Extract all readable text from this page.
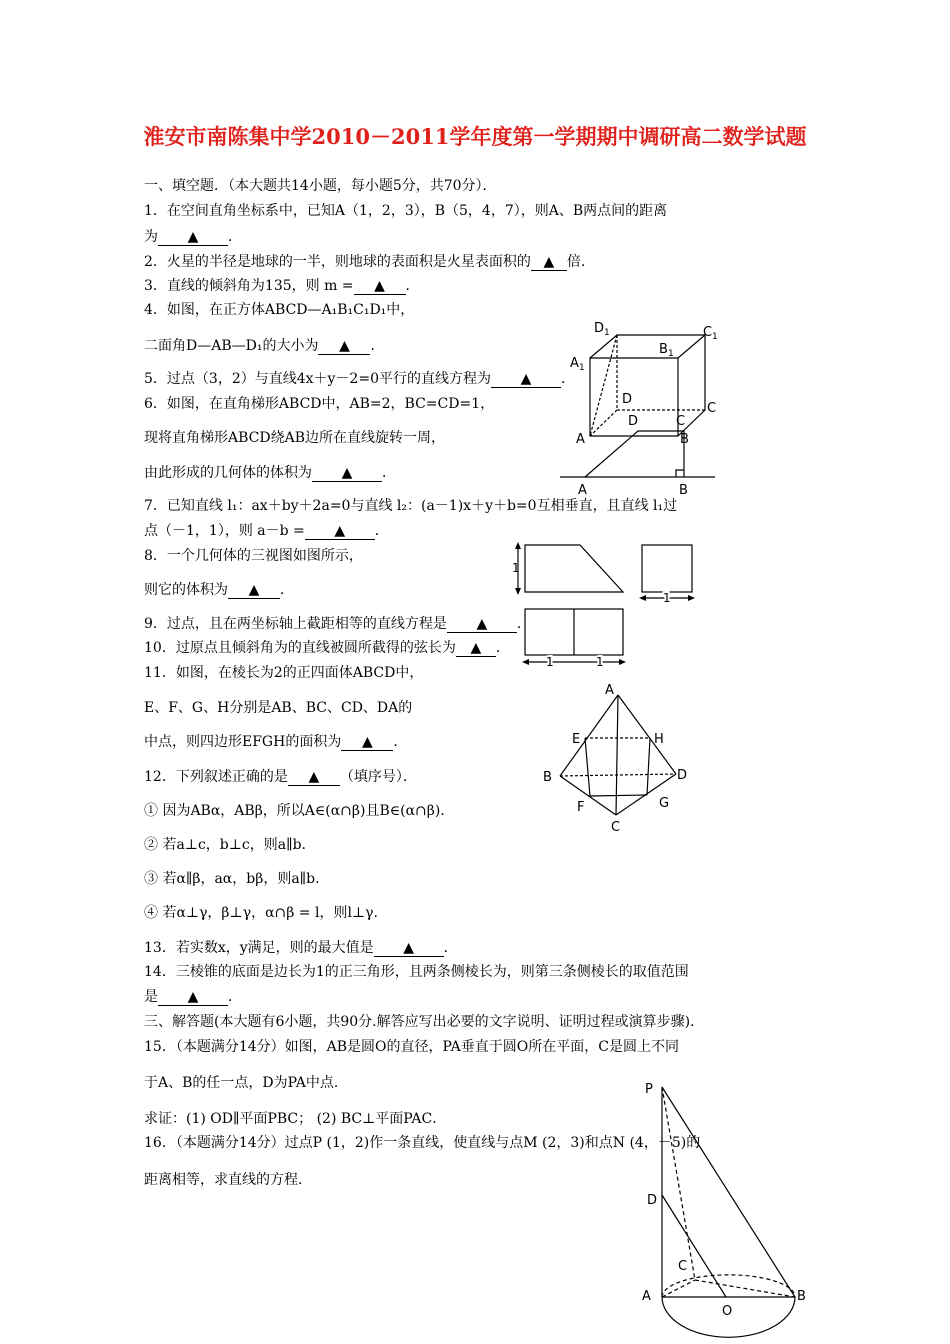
淮安市南陈集中学2010－2011学年度第一学期期中调研高二数学试题
一、填空题．（本大题共14小题，每小题5分，共70分）．
1．在空间直角坐标系中，已知A（1，2，3），B（5，4，7），则A、B两点间的距离
为 ▲ ．
2．火星的半径是地球的一半，则地球的表面积是火星表面积的 ▲ 倍.
3．直线的倾斜角为135，则 m = ▲ ．
4．如图，在正方体ABCD—A₁B₁C₁D₁中，
二面角D—AB—D₁的大小为 ▲ ．
5．过点（3，2）与直线4x＋y－2=0平行的直线方程为 ▲ ．
6．如图，在直角梯形ABCD中，AB=2，BC=CD=1，
现将直角梯形ABCD绕AB边所在直线旋转一周，
由此形成的几何体的体积为 ▲ ．
7．已知直线 l₁：ax＋by＋2a=0与直线 l₂：(a－1)x＋y＋b=0互相垂直，且直线 l₁过
点（－1，1），则 a－b = ▲ ．
8．一个几何体的三视图如图所示，
则它的体积为 ▲ ．
9．过点，且在两坐标轴上截距相等的直线方程是 ▲ ．
10．过原点且倾斜角为的直线被圆所截得的弦长为 ▲ ．
11．如图，在棱长为2的正四面体ABCD中，
E、F、G、H分别是AB、BC、CD、DA的
中点，则四边形EFGH的面积为 ▲ ．
12．下列叙述正确的是 ▲ （填序号）．
① 因为ABα，ABβ，所以A∈(α∩β)且B∈(α∩β).
② 若a⊥c，b⊥c，则a∥b.
③ 若α∥β，aα，bβ，则a∥b.
④ 若α⊥γ，β⊥γ，α∩β = l，则l⊥γ.
13．若实数x，y满足，则的最大值是 ▲ ．
14．三棱锥的底面是边长为1的正三角形，且两条侧棱长为，则第三条侧棱长的取值范围
是 ▲ ．
三、解答题(本大题有6小题，共90分.解答应写出必要的文字说明、证明过程或演算步骤)．
15．（本题满分14分）如图，AB是圆O的直径，PA垂直于圆O所在平面，C是圆上不同
于A、B的任一点，D为PA中点．
求证：(1) OD∥平面PBC； (2) BC⊥平面PAC．
16．（本题满分14分）过点P (1，2)作一条直线，使直线与点M (2，3)和点N (4，－5)的
距离相等，求直线的方程．
D 1	C 1
A 1
B 1
D
C
A	B
D	C
A	B
1
1
1	1
A
B
C
D
E
F	G
H
P
D
C
A	B
O
